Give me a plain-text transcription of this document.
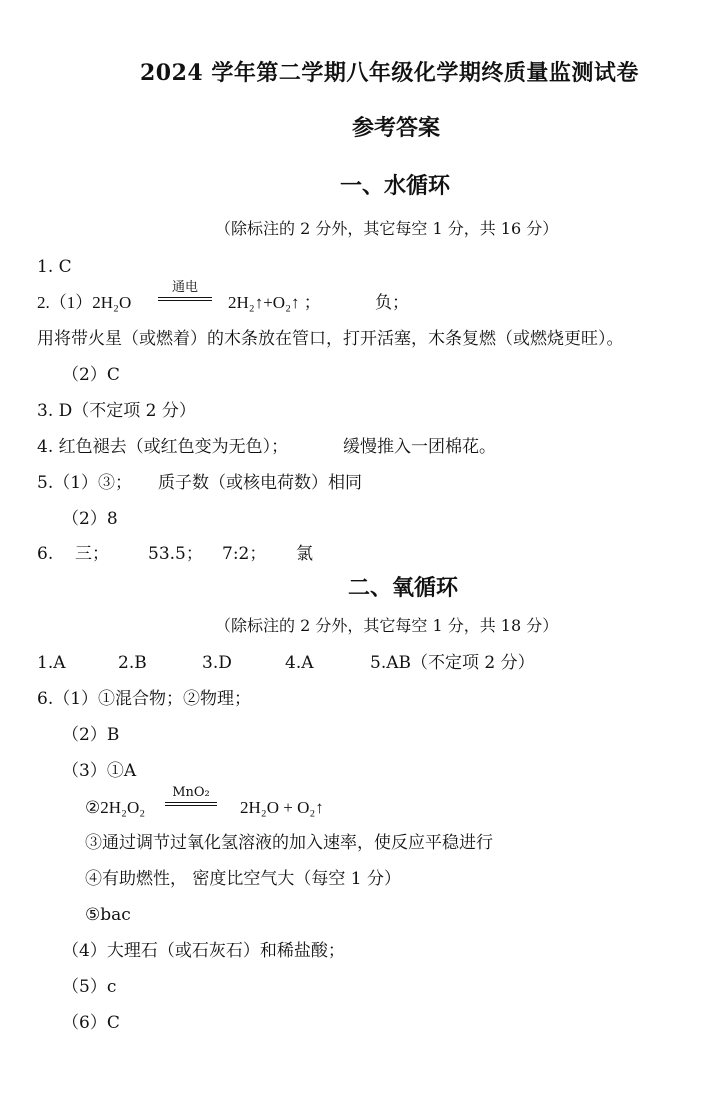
2024 学年第二学期八年级化学期终质量监测试卷
参考答案
一、水循环
（除标注的 2 分外，其它每空 1 分，共 16 分）
1. C
2.（1）2H₂O
通电
2H₂↑+O₂↑ ；	负；
用将带火星（或燃着）的木条放在管口，打开活塞，木条复燃（或燃烧更旺）。
（2）C
3. D（不定项 2 分）
4. 红色褪去（或红色变为无色）；	缓慢推入一团棉花。
5.（1）③； 质子数（或核电荷数）相同
（2）8
6. 三； 53.5； 7:2； 氯
二、氧循环
（除标注的 2 分外，其它每空 1 分，共 18 分）
1.A	2.B	3.D	4.A	5.AB（不定项 2 分）
6.（1）①混合物；②物理；
（2）B
（3）①A
②2H₂O₂
MnO₂
2H₂O + O₂↑
③通过调节过氧化氢溶液的加入速率，使反应平稳进行
④有助燃性， 密度比空气大（每空 1 分）
⑤bac
（4）大理石（或石灰石）和稀盐酸；
（5）c
（6）C
